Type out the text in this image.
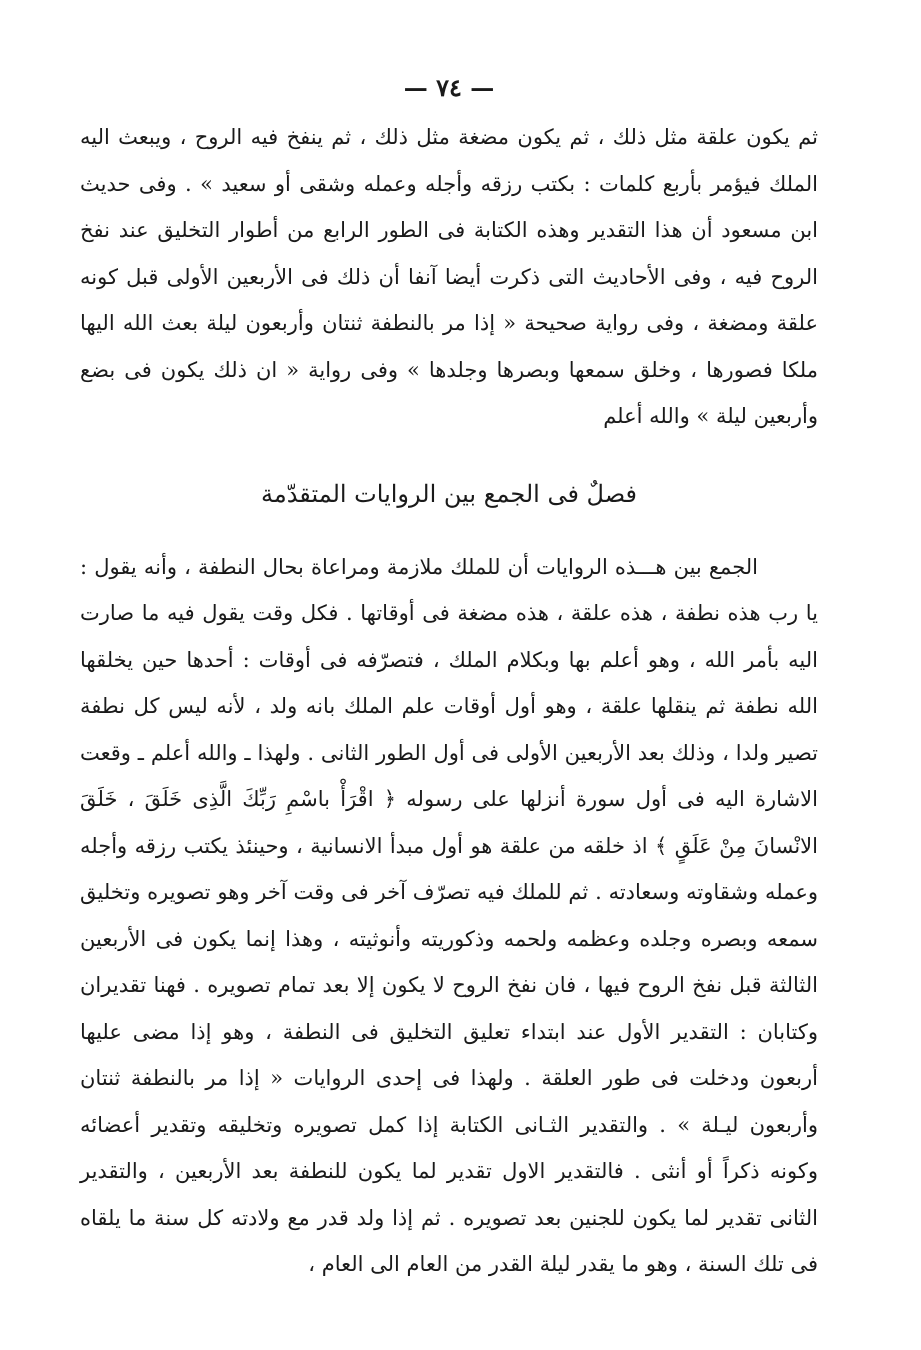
— ٧٤ —

ثم يكون علقة مثل ذلك ، ثم يكون مضغة مثل ذلك ، ثم ينفخ فيه الروح ، ويبعث اليه الملك فيؤمر بأربع كلمات : بكتب رزقه وأجله وعمله وشقى أو سعيد » . وفى حديث ابن مسعود أن هذا التقدير وهذه الكتابة فى الطور الرابع من أطوار التخليق عند نفخ الروح فيه ، وفى الأحاديث التى ذكرت أيضا آنفا أن ذلك فى الأربعين الأولى قبل كونه علقة ومضغة ، وفى رواية صحيحة « إذا مر بالنطفة ثنتان وأربعون ليلة بعث الله اليها ملكا فصورها ، وخلق سمعها وبصرها وجلدها » وفى رواية « ان ذلك يكون فى بضع وأربعين ليلة » والله أعلم

فصلٌ فى الجمع بين الروايات المتقدّمة

الجمع بين هـــذه الروايات أن للملك ملازمة ومراعاة بحال النطفة ، وأنه يقول : يا رب هذه نطفة ، هذه علقة ، هذه مضغة فى أوقاتها . فكل وقت يقول فيه ما صارت اليه بأمر الله ، وهو أعلم بها وبكلام الملك ، فتصرّفه فى أوقات : أحدها حين يخلقها الله نطفة ثم ينقلها علقة ، وهو أول أوقات علم الملك بانه ولد ، لأنه ليس كل نطفة تصير ولدا ، وذلك بعد الأربعين الأولى فى أول الطور الثانى . ولهذا ـ والله أعلم ـ وقعت الاشارة اليه فى أول سورة أنزلها على رسوله ﴿ اقْرَأْ باسْمِ رَبِّكَ الَّذِى خَلَقَ ، خَلَقَ الانْسانَ مِنْ عَلَقٍ ﴾ اذ خلقه من علقة هو أول مبدأ الانسانية ، وحينئذ يكتب رزقه وأجله وعمله وشقاوته وسعادته . ثم للملك فيه تصرّف آخر فى وقت آخر وهو تصويره وتخليق سمعه وبصره وجلده وعظمه ولحمه وذكوريته وأنوثيته ، وهذا إنما يكون فى الأربعين الثالثة قبل نفخ الروح فيها ، فان نفخ الروح لا يكون إلا بعد تمام تصويره . فهنا تقديران وكتابان : التقدير الأول عند ابتداء تعليق التخليق فى النطفة ، وهو إذا مضى عليها أربعون ودخلت فى طور العلقة . ولهذا فى إحدى الروايات « إذا مر بالنطفة ثنتان وأربعون ليـلة » . والتقدير الثـانى الكتابة إذا كمل تصويره وتخليقه وتقدير أعضائه وكونه ذكراً أو أنثى . فالتقدير الاول تقدير لما يكون للنطفة بعد الأربعين ، والتقدير الثانى تقدير لما يكون للجنين بعد تصويره . ثم إذا ولد قدر مع ولادته كل سنة ما يلقاه فى تلك السنة ، وهو ما يقدر ليلة القدر من العام الى العام ،
